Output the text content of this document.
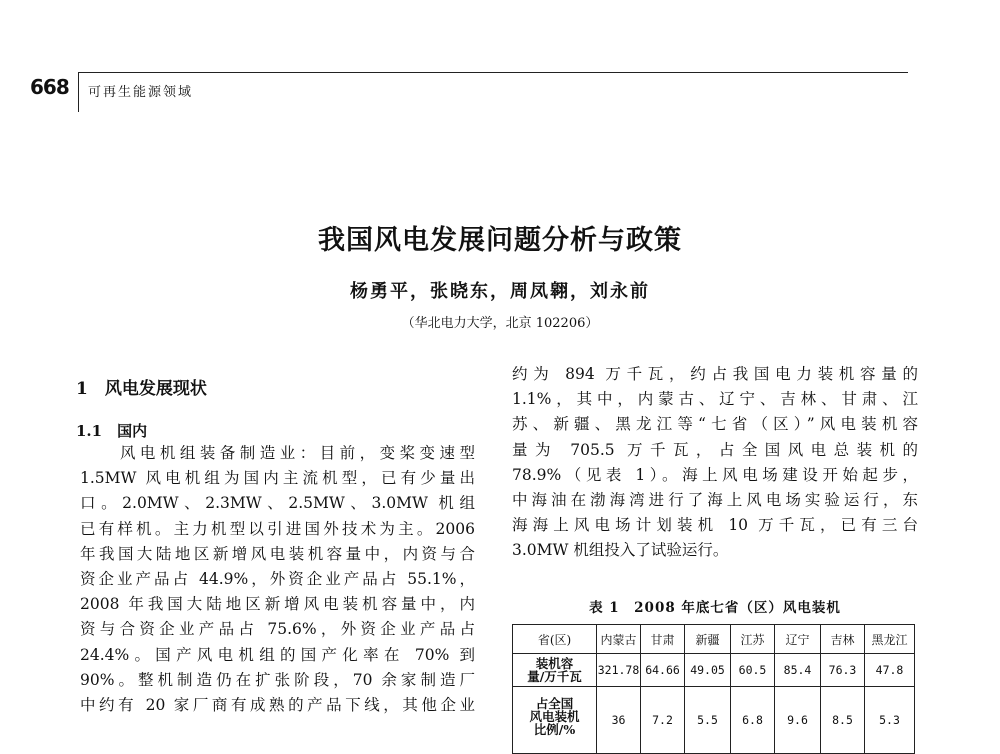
668 可再生能源领域
我国风电发展问题分析与政策
杨勇平，张晓东，周凤翱，刘永前
（华北电力大学，北京 102206）
1　风电发展现状
1.1　国内
　　风电机组装备制造业：目前，变桨变速型
1.5MW 风电机组为国内主流机型，已有少量出
口。2.0MW、2.3MW、2.5MW、3.0MW 机组
已有样机。主力机型以引进国外技术为主。2006
年我国大陆地区新增风电装机容量中，内资与合
资企业产品占 44.9%，外资企业产品占 55.1%，
2008 年我国大陆地区新增风电装机容量中，内
资与合资企业产品占 75.6%，外资企业产品占
24.4%。国产风电机组的国产化率在 70% 到
90%。整机制造仍在扩张阶段，70 余家制造厂
中约有 20 家厂商有成熟的产品下线，其他企业
约为 894 万千瓦，约占我国电力装机容量的
1.1%，其中，内蒙古、辽宁、吉林、甘肃、江
苏、新疆、黑龙江等“七省（区）”风电装机容
量为 705.5 万千瓦，占全国风电总装机的
78.9%（见表 1）。海上风电场建设开始起步，
中海油在渤海湾进行了海上风电场实验运行，东
海海上风电场计划装机 10 万千瓦，已有三台
3.0MW 机组投入了试验运行。
表 1　2008 年底七省（区）风电装机
省(区)	内蒙古	甘肃	新疆	江苏	辽宁	吉林	黑龙江

装机容
量/万千瓦	321.78	64.66	49.05	60.5	85.4	76.3	47.8

占全国
风电装机
比例/%	36	7.2	5.5	6.8	9.6	8.5	5.3
